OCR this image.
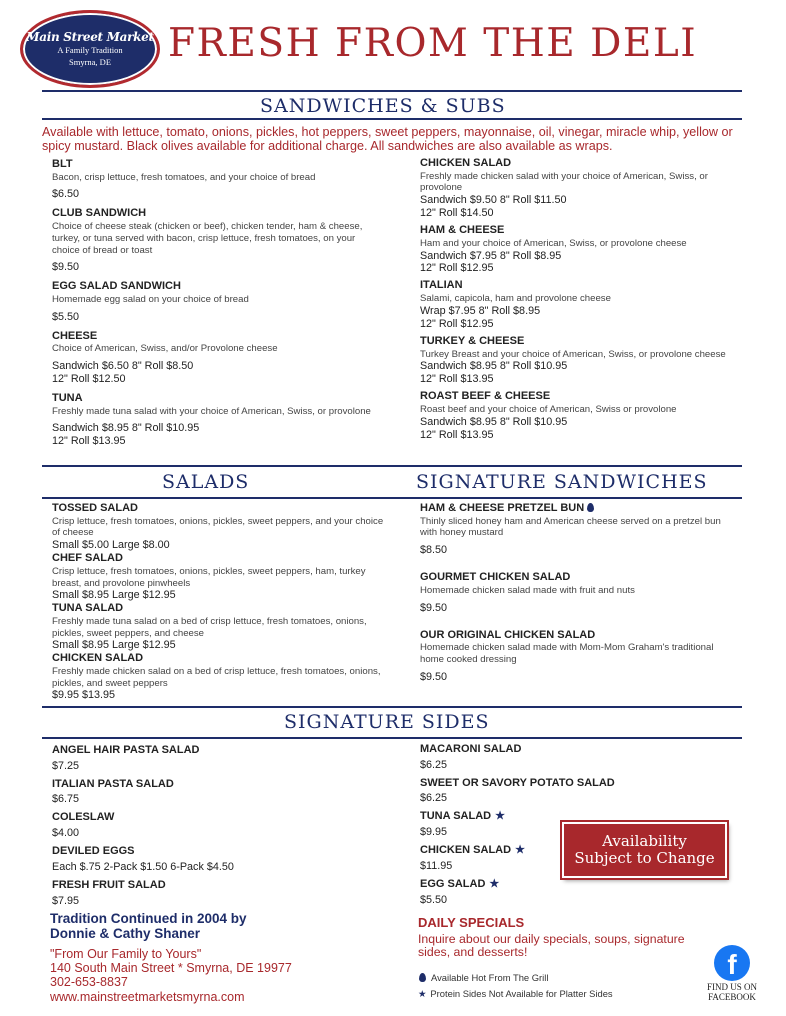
Main Street Market
A Family Tradition
Smyrna, DE FRESH FROM THE DELI
SANDWICHES & SUBS
Available with lettuce, tomato, onions, pickles, hot peppers, sweet peppers, mayonnaise, oil, vinegar, miracle whip, yellow or spicy mustard. Black olives available for additional charge. All sandwiches are also available as wraps.
BLT
Bacon, crisp lettuce, fresh tomatoes, and your choice of bread
$6.50
CLUB SANDWICH
Choice of cheese steak (chicken or beef), chicken tender, ham & cheese, turkey, or tuna served with bacon, crisp lettuce, fresh tomatoes, on your choice of bread or toast
$9.50
EGG SALAD SANDWICH
Homemade egg salad on your choice of bread
$5.50
CHEESE
Choice of American, Swiss, and/or Provolone cheese
Sandwich $6.50 8" Roll $8.50
12" Roll $12.50
TUNA
Freshly made tuna salad with your choice of American, Swiss, or provolone
Sandwich $8.95 8" Roll $10.95
12" Roll $13.95
CHICKEN SALAD
Freshly made chicken salad with your choice of American, Swiss, or provolone
Sandwich $9.50 8" Roll $11.50
12" Roll $14.50
HAM & CHEESE
Ham and your choice of American, Swiss, or provolone cheese
Sandwich $7.95 8" Roll $8.95
12" Roll $12.95
ITALIAN
Salami, capicola, ham and provolone cheese
Wrap $7.95 8" Roll $8.95
12" Roll $12.95
TURKEY & CHEESE
Turkey Breast and your choice of American, Swiss, or provolone cheese
Sandwich $8.95 8" Roll $10.95
12" Roll $13.95
ROAST BEEF & CHEESE
Roast beef and your choice of American, Swiss or provolone
Sandwich $8.95 8" Roll $10.95
12" Roll $13.95
SALADS	SIGNATURE SANDWICHES
TOSSED SALAD
Crisp lettuce, fresh tomatoes, onions, pickles, sweet peppers, and your choice of cheese
Small $5.00 Large $8.00
CHEF SALAD
Crisp lettuce, fresh tomatoes, onions, pickles, sweet peppers, ham, turkey breast, and provolone pinwheels
Small $8.95 Large $12.95
TUNA SALAD
Freshly made tuna salad on a bed of crisp lettuce, fresh tomatoes, onions, pickles, sweet peppers, and cheese
Small $8.95 Large $12.95
CHICKEN SALAD
Freshly made chicken salad on a bed of crisp lettuce, fresh tomatoes, onions, pickles, and sweet peppers
$9.95 $13.95
HAM & CHEESE PRETZEL BUN
Thinly sliced honey ham and American cheese served on a pretzel bun with honey mustard
$8.50
GOURMET CHICKEN SALAD
Homemade chicken salad made with fruit and nuts
$9.50
OUR ORIGINAL CHICKEN SALAD
Homemade chicken salad made with Mom-Mom Graham's traditional home cooked dressing
$9.50
SIGNATURE SIDES
ANGEL HAIR PASTA SALAD
$7.25
ITALIAN PASTA SALAD
$6.75
COLESLAW
$4.00
DEVILED EGGS
Each $.75 2-Pack $1.50 6-Pack $4.50
FRESH FRUIT SALAD
$7.95
MACARONI SALAD
$6.25
SWEET OR SAVORY POTATO SALAD
$6.25
TUNA SALAD ★
$9.95
CHICKEN SALAD ★
$11.95
EGG SALAD ★
$5.50
Availability
Subject to Change
Tradition Continued in 2004 by
Donnie & Cathy Shaner
"From Our Family to Yours"
140 South Main Street * Smyrna, DE 19977
302-653-8837
www.mainstreetmarketsmyrna.com
DAILY SPECIALS
Inquire about our daily specials, soups, signature sides, and desserts!
Available Hot From The Grill
★ Protein Sides Not Available for Platter Sides
f
FIND US ON
FACEBOOK
